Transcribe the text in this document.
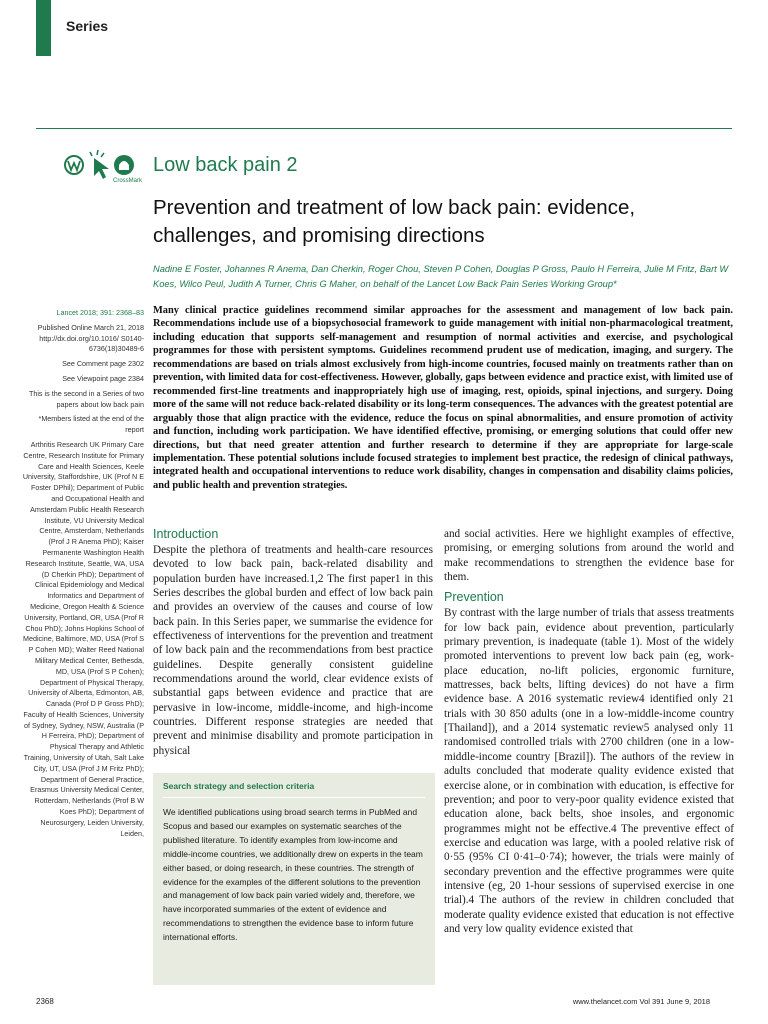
Series
CrossMark
Low back pain 2
Prevention and treatment of low back pain: evidence, challenges, and promising directions
Nadine E Foster, Johannes R Anema, Dan Cherkin, Roger Chou, Steven P Cohen, Douglas P Gross, Paulo H Ferreira, Julie M Fritz, Bart W Koes, Wilco Peul, Judith A Turner, Chris G Maher, on behalf of the Lancet Low Back Pain Series Working Group*

Lancet 2018; 391: 2368–83

Published Online March 21, 2018 http://dx.doi.org/10.1016/ S0140-6736(18)30489-6

See Comment page 2302

See Viewpoint page 2384

This is the second in a Series of two papers about low back pain

*Members listed at the end of the report

Arthritis Research UK Primary Care Centre, Research Institute for Primary Care and Health Sciences, Keele University, Staffordshire, UK (Prof N E Foster DPhil); Department of Public and Occupational Health and Amsterdam Public Health Research Institute, VU University Medical Centre, Amsterdam, Netherlands (Prof J R Anema PhD); Kaiser Permanente Washington Health Research Institute, Seattle, WA, USA (D Cherkin PhD); Department of Clinical Epidemiology and Medical Informatics and Department of Medicine, Oregon Health & Science University, Portland, OR, USA (Prof R Chou PhD); Johns Hopkins School of Medicine, Baltimore, MD, USA (Prof S P Cohen MD); Walter Reed National Military Medical Center, Bethesda, MD, USA (Prof S P Cohen); Department of Physical Therapy, University of Alberta, Edmonton, AB, Canada (Prof D P Gross PhD); Faculty of Health Sciences, University of Sydney, Sydney, NSW, Australia (P H Ferreira, PhD); Department of Physical Therapy and Athletic Training, University of Utah, Salt Lake City, UT, USA (Prof J M Fritz PhD); Department of General Practice, Erasmus University Medical Center, Rotterdam, Netherlands (Prof B W Koes PhD); Department of Neurosurgery, Leiden University, Leiden,

Many clinical practice guidelines recommend similar approaches for the assessment and management of low back pain. Recommendations include use of a biopsychosocial framework to guide management with initial non-pharmacological treatment, including education that supports self-management and resumption of normal activities and exercise, and psychological programmes for those with persistent symptoms. Guidelines recommend prudent use of medication, imaging, and surgery. The recommendations are based on trials almost exclusively from high-income countries, focused mainly on treatments rather than on prevention, with limited data for cost-effectiveness. However, globally, gaps between evidence and practice exist, with limited use of recommended first-line treatments and inappropriately high use of imaging, rest, opioids, spinal injections, and surgery. Doing more of the same will not reduce back-related disability or its long-term consequences. The advances with the greatest potential are arguably those that align practice with the evidence, reduce the focus on spinal abnormalities, and ensure promotion of activity and function, including work participation. We have identified effective, promising, or emerging solutions that could offer new directions, but that need greater attention and further research to determine if they are appropriate for large-scale implementation. These potential solutions include focused strategies to implement best practice, the redesign of clinical pathways, integrated health and occupational interventions to reduce work disability, changes in compensation and disability claims policies, and public health and prevention strategies.

Introduction

Despite the plethora of treatments and health-care resources devoted to low back pain, back-related disability and population burden have increased.1,2 The first paper1 in this Series describes the global burden and effect of low back pain and provides an overview of the causes and course of low back pain. In this Series paper, we summarise the evidence for effectiveness of interventions for the prevention and treatment of low back pain and the recommendations from best practice guidelines. Despite generally consistent guideline recommendations around the world, clear evidence exists of substantial gaps between evidence and practice that are pervasive in low-income, middle-income, and high-income countries. Different response strategies are needed that prevent and minimise disability and promote participation in physical

Search strategy and selection criteria

We identified publications using broad search terms in PubMed and Scopus and based our examples on systematic searches of the published literature. To identify examples from low-income and middle-income countries, we additionally drew on experts in the team either based, or doing research, in these countries. The strength of evidence for the examples of the different solutions to the prevention and management of low back pain varied widely and, therefore, we have incorporated summaries of the extent of evidence and recommendations to strengthen the evidence base to inform future international efforts.

and social activities. Here we highlight examples of effective, promising, or emerging solutions from around the world and make recommendations to strengthen the evidence base for them.

Prevention

By contrast with the large number of trials that assess treatments for low back pain, evidence about prevention, particularly primary prevention, is inadequate (table 1). Most of the widely promoted interventions to prevent low back pain (eg, work-place education, no-lift policies, ergonomic furniture, mattresses, back belts, lifting devices) do not have a firm evidence base. A 2016 systematic review4 identified only 21 trials with 30 850 adults (one in a low-middle-income country [Thailand]), and a 2014 systematic review5 analysed only 11 randomised controlled trials with 2700 children (one in a low-middle-income country [Brazil]). The authors of the review in adults concluded that moderate quality evidence existed that exercise alone, or in combination with education, is effective for prevention; and poor to very-poor quality evidence existed that education alone, back belts, shoe insoles, and ergonomic programmes might not be effective.4 The preventive effect of exercise and education was large, with a pooled relative risk of 0·55 (95% CI 0·41–0·74); however, the trials were mainly of secondary prevention and the effective programmes were quite intensive (eg, 20 1-hour sessions of supervised exercise in one trial).4 The authors of the review in children concluded that moderate quality evidence existed that education is not effective and very low quality evidence existed that

2368	www.thelancet.com Vol 391 June 9, 2018
